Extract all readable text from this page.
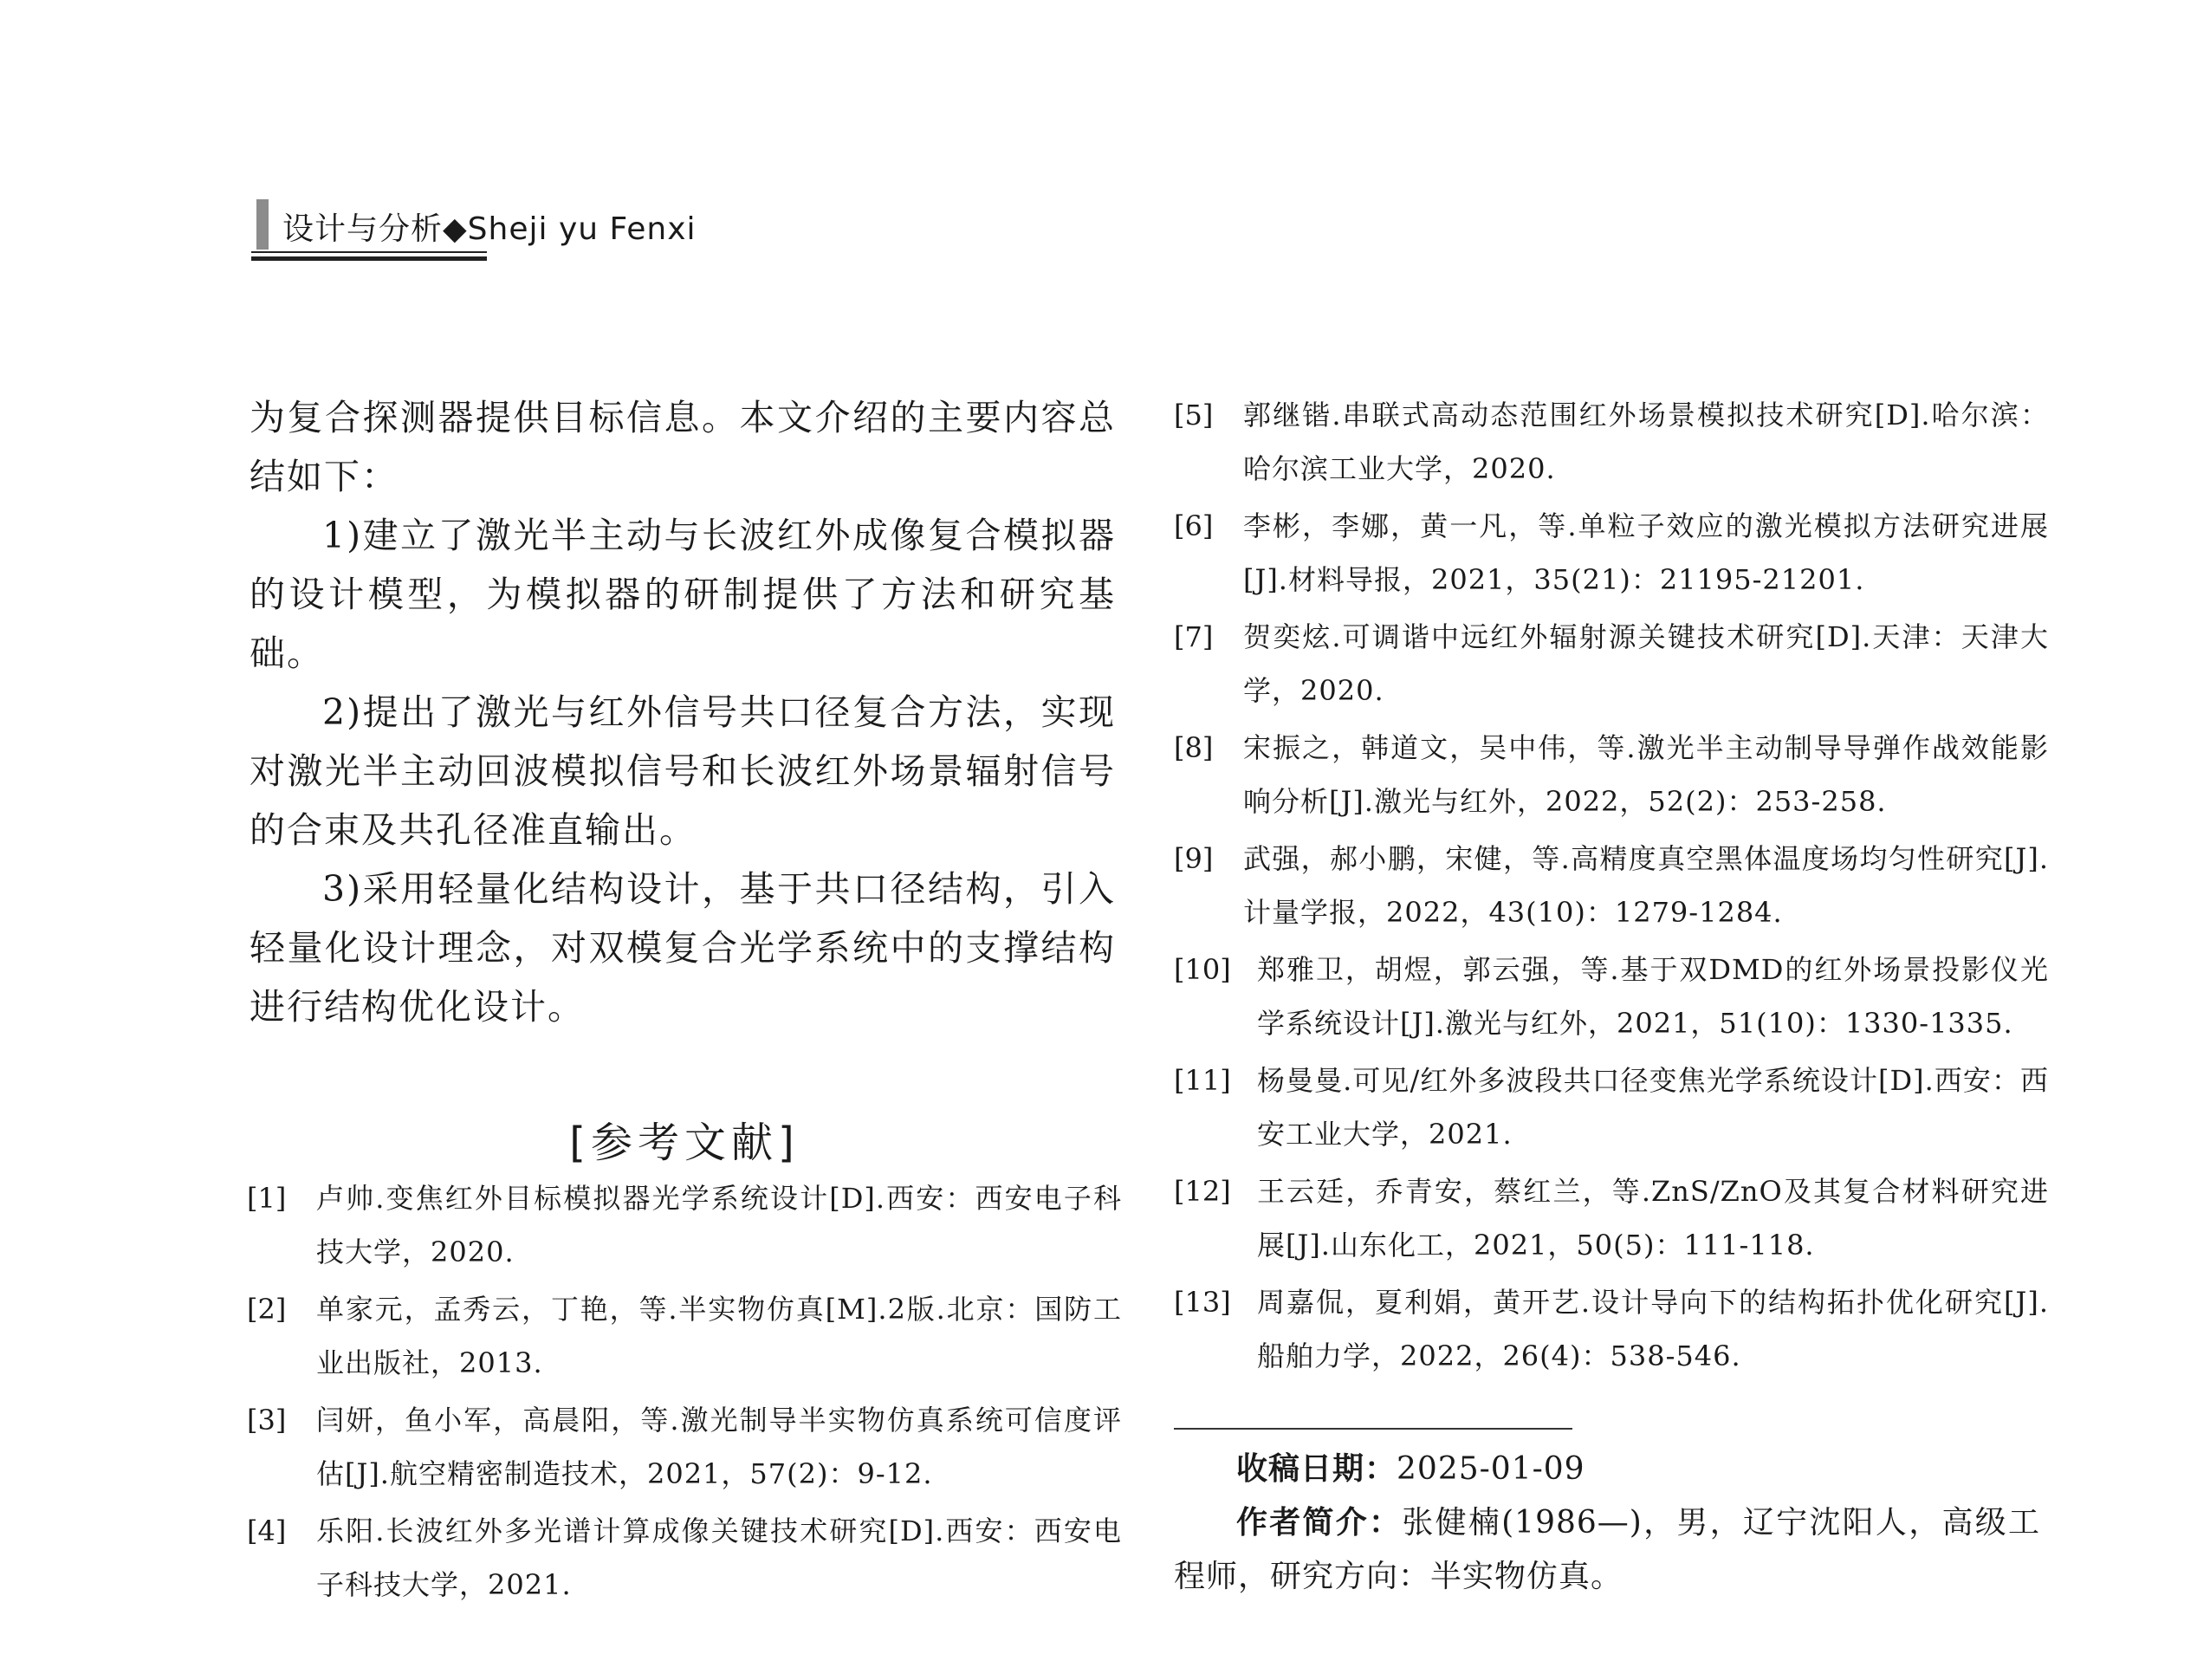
设计与分析◆Sheji yu Fenxi

为复合探测器提供目标信息。本文介绍的主要内容总结如下：

1)建立了激光半主动与长波红外成像复合模拟器的设计模型，为模拟器的研制提供了方法和研究基础。

2)提出了激光与红外信号共口径复合方法，实现对激光半主动回波模拟信号和长波红外场景辐射信号的合束及共孔径准直输出。

3)采用轻量化结构设计，基于共口径结构，引入轻量化设计理念，对双模复合光学系统中的支撑结构进行结构优化设计。

[参考文献]
[1] 卢帅.变焦红外目标模拟器光学系统设计[D].西安：西安电子科技大学，2020.
[2] 单家元，孟秀云，丁艳，等.半实物仿真[M].2版.北京：国防工业出版社，2013.
[3] 闫妍，鱼小军，高晨阳，等.激光制导半实物仿真系统可信度评估[J].航空精密制造技术，2021，57(2)：9-12.
[4] 乐阳.长波红外多光谱计算成像关键技术研究[D].西安：西安电子科技大学，2021.
[5] 郭继锴.串联式高动态范围红外场景模拟技术研究[D].哈尔滨：哈尔滨工业大学，2020.
[6] 李彬，李娜，黄一凡，等.单粒子效应的激光模拟方法研究进展[J].材料导报，2021，35(21)：21195-21201.
[7] 贺奕炫.可调谐中远红外辐射源关键技术研究[D].天津：天津大学，2020.
[8] 宋振之，韩道文，吴中伟，等.激光半主动制导导弹作战效能影响分析[J].激光与红外，2022，52(2)：253-258.
[9] 武强，郝小鹏，宋健，等.高精度真空黑体温度场均匀性研究[J].计量学报，2022，43(10)：1279-1284.
[10] 郑雅卫，胡煜，郭云强，等.基于双DMD的红外场景投影仪光学系统设计[J].激光与红外，2021，51(10)：1330-1335.
[11] 杨曼曼.可见/红外多波段共口径变焦光学系统设计[D].西安：西安工业大学，2021.
[12] 王云廷，乔青安，蔡红兰，等.ZnS/ZnO及其复合材料研究进展[J].山东化工，2021，50(5)：111-118.
[13] 周嘉侃，夏利娟，黄开艺.设计导向下的结构拓扑优化研究[J].船舶力学，2022，26(4)：538-546.

收稿日期：2025-01-09

作者简介：张健楠(1986—)，男，辽宁沈阳人，高级工程师，研究方向：半实物仿真。
